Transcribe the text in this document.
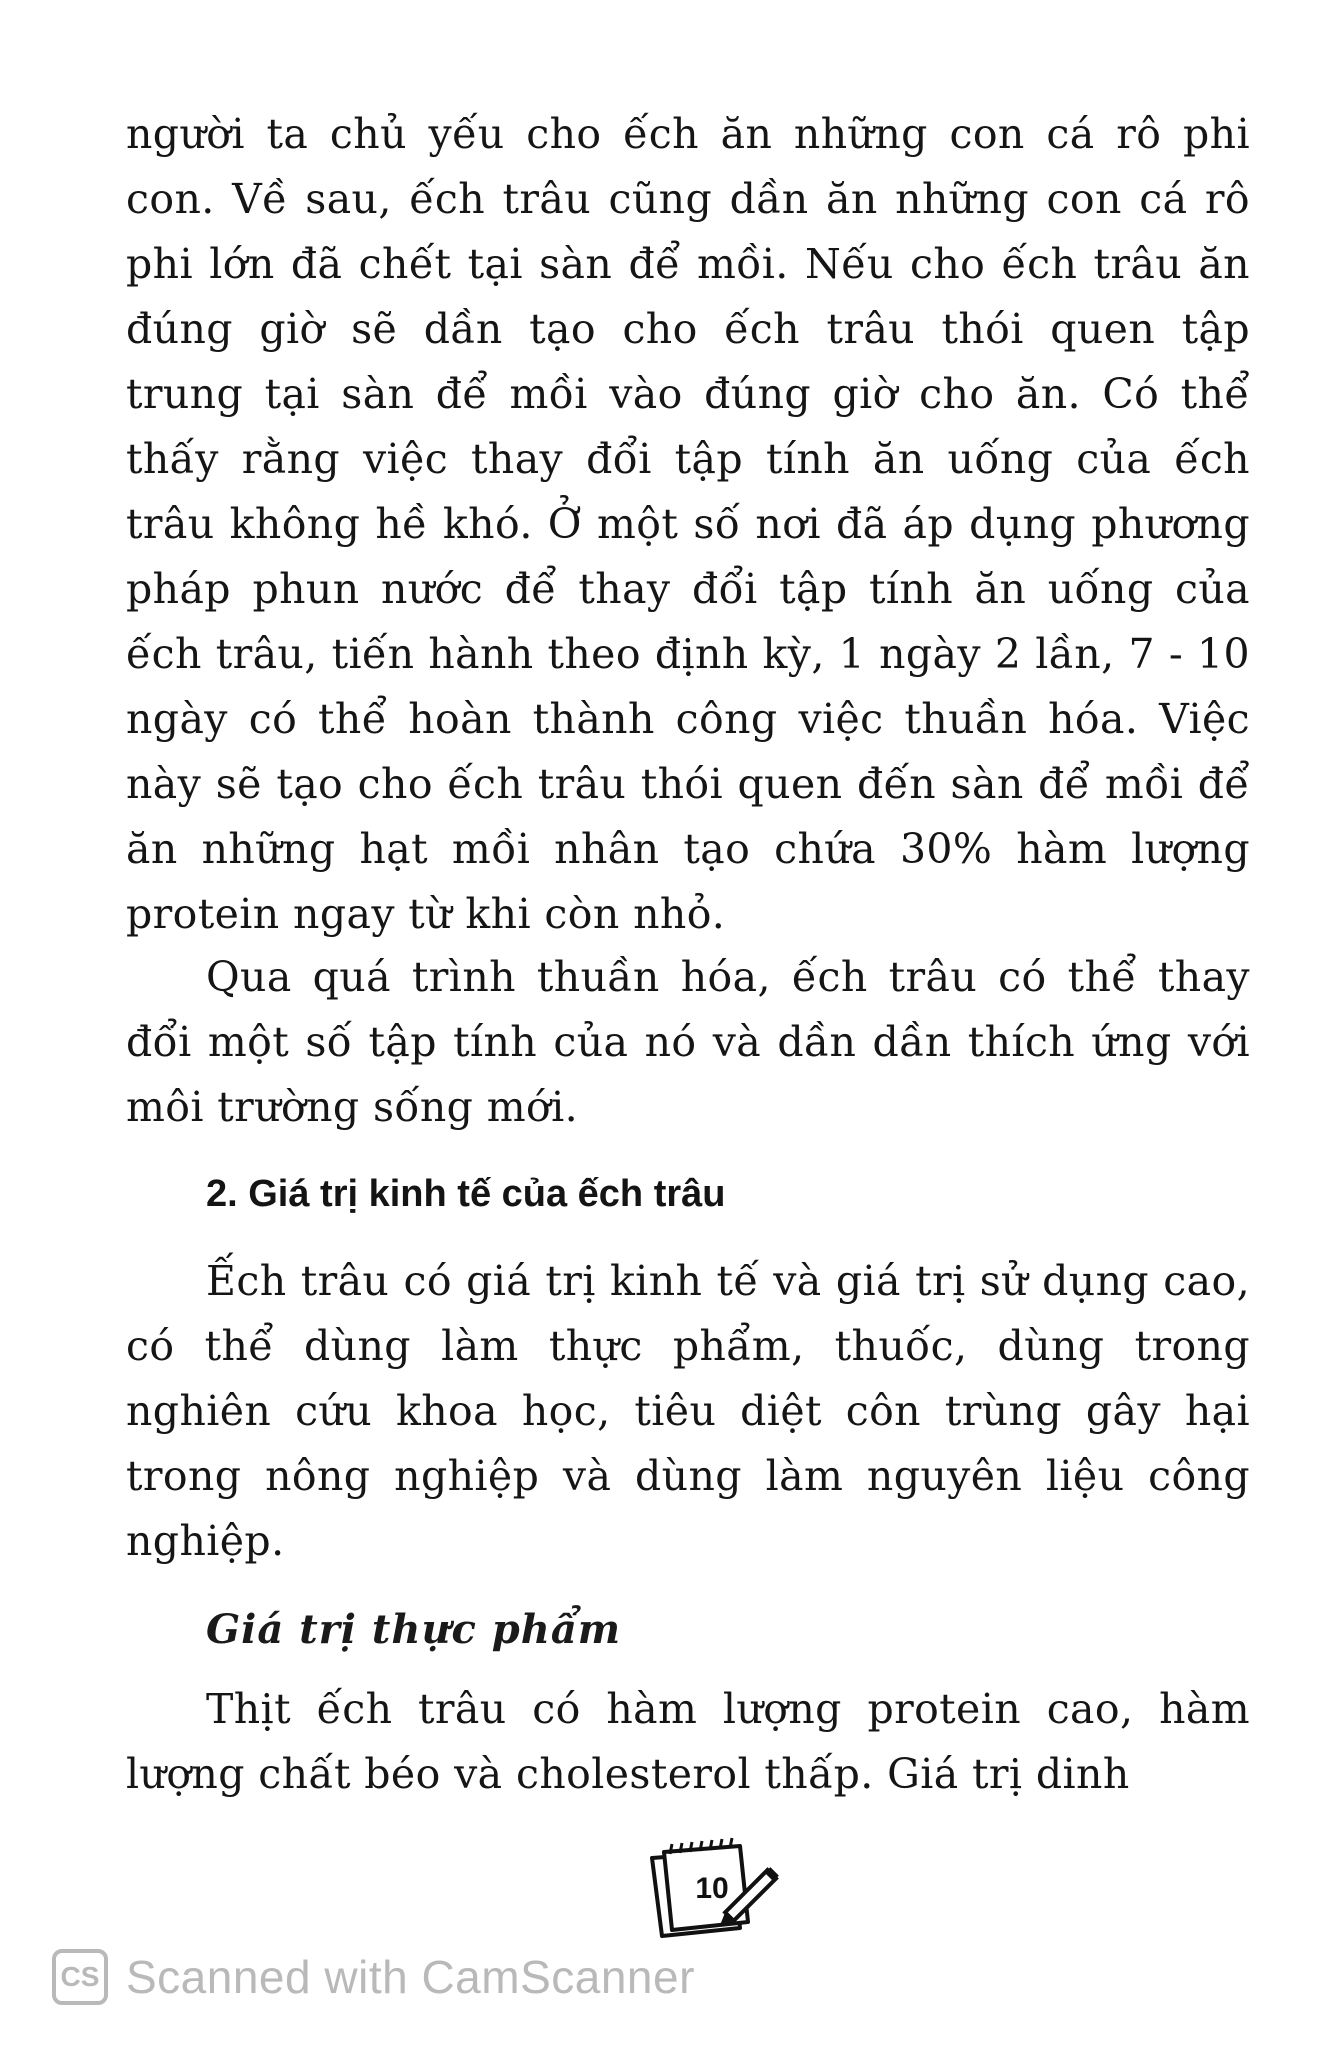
người ta chủ yếu cho ếch ăn những con cá rô phi con. Về sau, ếch trâu cũng dần ăn những con cá rô phi lớn đã chết tại sàn để mồi. Nếu cho ếch trâu ăn đúng giờ sẽ dần tạo cho ếch trâu thói quen tập trung tại sàn để mồi vào đúng giờ cho ăn. Có thể thấy rằng việc thay đổi tập tính ăn uống của ếch trâu không hề khó. Ở một số nơi đã áp dụng phương pháp phun nước để thay đổi tập tính ăn uống của ếch trâu, tiến hành theo định kỳ, 1 ngày 2 lần, 7 - 10 ngày có thể hoàn thành công việc thuần hóa. Việc này sẽ tạo cho ếch trâu thói quen đến sàn để mồi để ăn những hạt mồi nhân tạo chứa 30% hàm lượng protein ngay từ khi còn nhỏ.

Qua quá trình thuần hóa, ếch trâu có thể thay đổi một số tập tính của nó và dần dần thích ứng với môi trường sống mới.

2. Giá trị kinh tế của ếch trâu

Ếch trâu có giá trị kinh tế và giá trị sử dụng cao, có thể dùng làm thực phẩm, thuốc, dùng trong nghiên cứu khoa học, tiêu diệt côn trùng gây hại trong nông nghiệp và dùng làm nguyên liệu công nghiệp.

Giá trị thực phẩm

Thịt ếch trâu có hàm lượng protein cao, hàm lượng chất béo và cholesterol thấp. Giá trị dinh

10
CS Scanned with CamScanner
